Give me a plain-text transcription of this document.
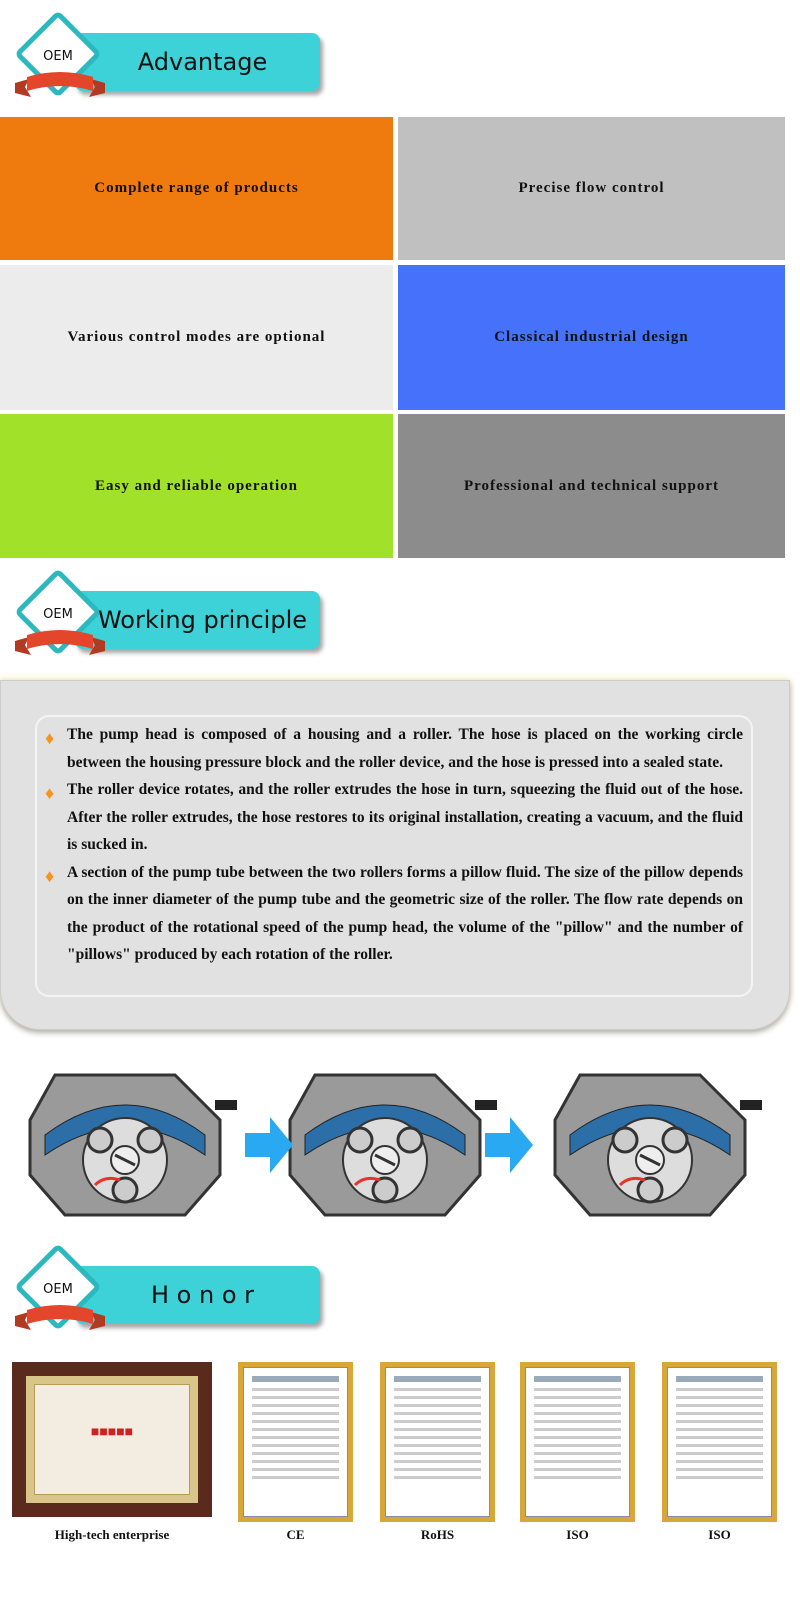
OEM	Advantage
Complete range of products	Precise flow control
Various control modes are optional	Classical industrial design
Easy and reliable operation	Professional and technical support
OEM	Working principle
♦ The pump head is composed of a housing and a roller. The hose is placed on the working circle between the housing pressure block and the roller device, and the hose is pressed into a sealed state.
♦ The roller device rotates, and the roller extrudes the hose in turn, squeezing the fluid out of the hose. After the roller extrudes, the hose restores to its original installation, creating a vacuum, and the fluid is sucked in.
♦ A section of the pump tube between the two rollers forms a pillow fluid. The size of the pillow depends on the inner diameter of the pump tube and the geometric size of the roller. The flow rate depends on the product of the rotational speed of the pump head, the volume of the "pillow" and the number of "pillows" produced by each rotation of the roller.
OEM	H o n o r
■■■■■
High-tech enterprise	CE	RoHS	ISO	ISO
